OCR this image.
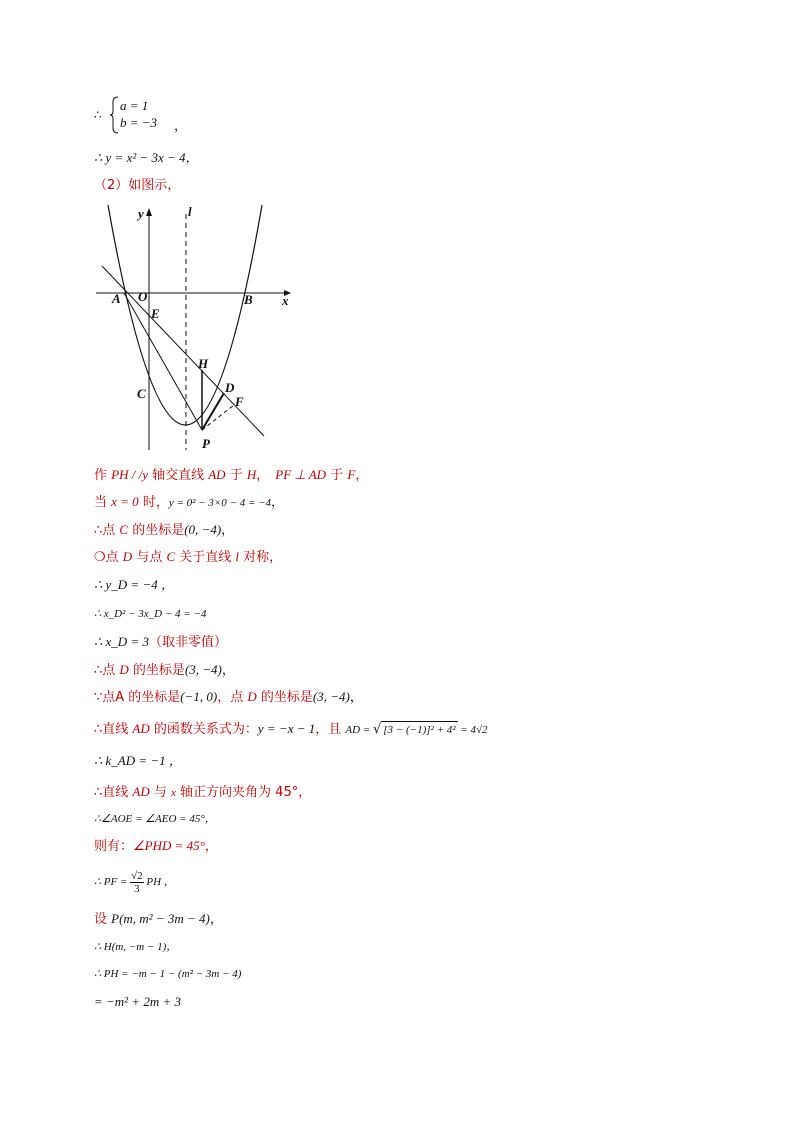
∴
a = 1
b = −3 ，
∴ y = x² − 3x − 4，
（2）如图示，
y	l
x
A O	B
E
H
D
F
C
P
作 PH / /y 轴交直线 AD 于 H， PF ⊥ AD 于 F，
当 x = 0 时，y = 0² − 3×0 − 4 = −4，
∴点 C 的坐标是(0, −4)，
❍点 D 与点 C 关于直线 l 对称，
∴ y_D = −4 ，
∴ x_D² − 3x_D − 4 = −4
∴ x_D = 3（取非零值）
∴点 D 的坐标是(3, −4)，
∵点A 的坐标是(−1, 0)，点 D 的坐标是(3, −4)，
∴直线 AD 的函数关系式为：y = −x − 1，且 AD = √ [3 − (−1)]² + 4² = 4√2
∴ k_AD = −1 ，
∴直线 AD 与 x 轴正方向夹角为 45°，
∴∠AOE = ∠AEO = 45°，
则有：∠PHD = 45°，
∴ PF = $\frac{√2}{3}$ PH ，
设 P(m, m² − 3m − 4)，
∴ H(m, −m − 1)，
∴ PH = −m − 1 − (m² − 3m − 4)
= −m² + 2m + 3
